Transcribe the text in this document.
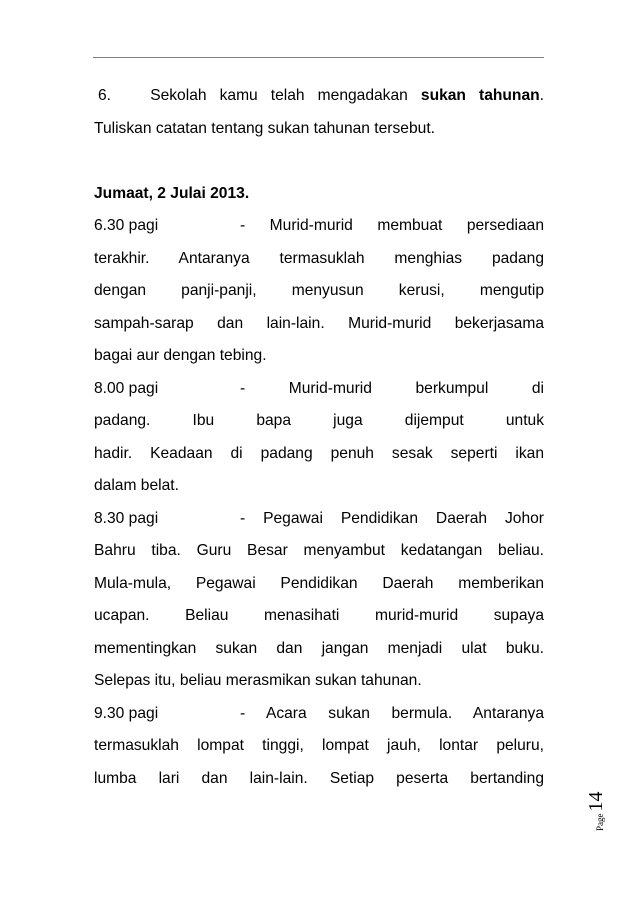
6.	Sekolah kamu telah mengadakan sukan tahunan.
Tuliskan catatan tentang sukan tahunan tersebut.
Jumaat, 2 Julai 2013.
6.30 pagi	- Murid-murid membuat persediaan
terakhir. Antaranya termasuklah menghias padang
dengan panji-panji, menyusun kerusi, mengutip
sampah-sarap dan lain-lain. Murid-murid bekerjasama
bagai aur dengan tebing.
8.00 pagi	- Murid-murid berkumpul di
padang. Ibu bapa juga dijemput untuk
hadir. Keadaan di padang penuh sesak seperti ikan
dalam belat.
8.30 pagi	- Pegawai Pendidikan Daerah Johor
Bahru tiba. Guru Besar menyambut kedatangan beliau.
Mula-mula, Pegawai Pendidikan Daerah memberikan
ucapan. Beliau menasihati murid-murid supaya
mementingkan sukan dan jangan menjadi ulat buku.
Selepas itu, beliau merasmikan sukan tahunan.
9.30 pagi	- Acara sukan bermula. Antaranya
termasuklah lompat tinggi, lompat jauh, lontar peluru,
lumba lari dan lain-lain. Setiap peserta bertanding
Page
14
